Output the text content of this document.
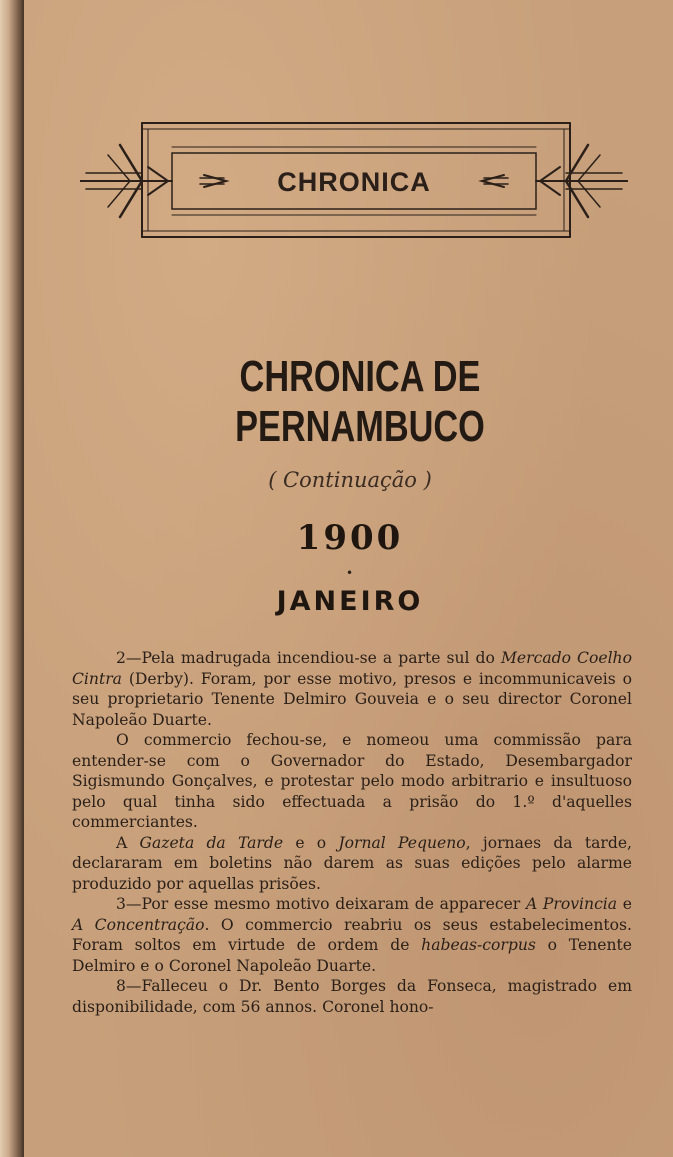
CHRONICA
CHRONICA DE PERNAMBUCO
( Continuação )
1900
•
JANEIRO

2—Pela madrugada incendiou-se a parte sul do Mercado Coelho Cintra (Derby). Foram, por esse motivo, presos e incommunicaveis o seu proprietario Tenente Delmiro Gouveia e o seu director Coronel Napoleão Duarte.

O commercio fechou-se, e nomeou uma commissão para entender-se com o Governador do Estado, Desembargador Sigismundo Gonçalves, e protestar pelo modo arbitrario e insultuoso pelo qual tinha sido effectuada a prisão do 1.º d'aquelles commerciantes.

A Gazeta da Tarde e o Jornal Pequeno, jornaes da tarde, declararam em boletins não darem as suas edições pelo alarme produzido por aquellas prisões.

3—Por esse mesmo motivo deixaram de apparecer A Provincia e A Concentração. O commercio reabriu os seus estabelecimentos. Foram soltos em virtude de ordem de habeas-corpus o Tenente Delmiro e o Coronel Napoleão Duarte.

8—Falleceu o Dr. Bento Borges da Fonseca, magistrado em disponibilidade, com 56 annos. Coronel hono-
